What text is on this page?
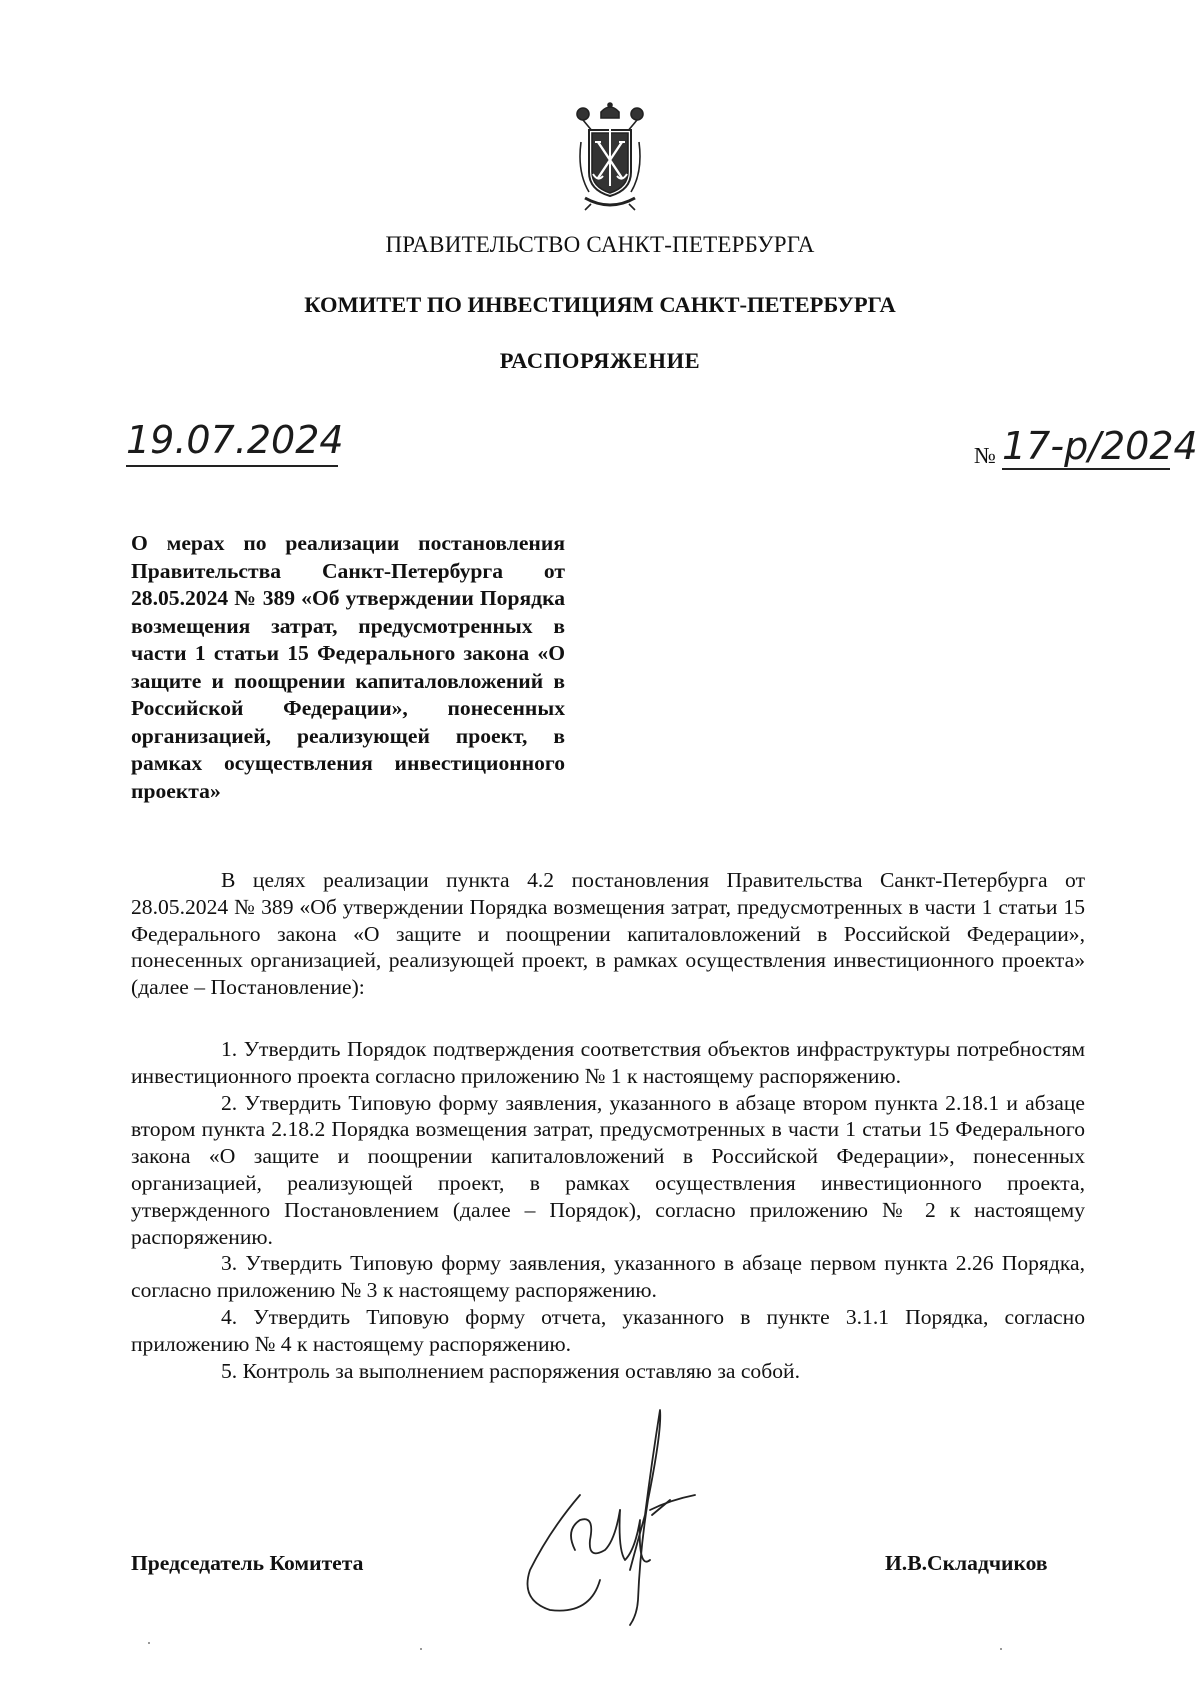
ПРАВИТЕЛЬСТВО САНКТ-ПЕТЕРБУРГА
КОМИТЕТ ПО ИНВЕСТИЦИЯМ САНКТ-ПЕТЕРБУРГА
РАСПОРЯЖЕНИЕ
19.07.2024	№ 17-р/2024
О мерах по реализации постановления Правительства Санкт-Петербурга от 28.05.2024 № 389 «Об утверждении Порядка возмещения затрат, предусмотренных в части 1 статьи 15 Федерального закона «О защите и поощрении капиталовложений в Российской Федерации», понесенных организацией, реализующей проект, в рамках осуществления инвестиционного проекта»

В целях реализации пункта 4.2 постановления Правительства Санкт-Петербурга от 28.05.2024 № 389 «Об утверждении Порядка возмещения затрат, предусмотренных в части 1 статьи 15 Федерального закона «О защите и поощрении капиталовложений в Российской Федерации», понесенных организацией, реализующей проект, в рамках осуществления инвестиционного проекта» (далее – Постановление):

1. Утвердить Порядок подтверждения соответствия объектов инфраструктуры потребностям инвестиционного проекта согласно приложению № 1 к настоящему распоряжению.

2. Утвердить Типовую форму заявления, указанного в абзаце втором пункта 2.18.1 и абзаце втором пункта 2.18.2 Порядка возмещения затрат, предусмотренных в части 1 статьи 15 Федерального закона «О защите и поощрении капиталовложений в Российской Федерации», понесенных организацией, реализующей проект, в рамках осуществления инвестиционного проекта, утвержденного Постановлением (далее – Порядок), согласно приложению № 2 к настоящему распоряжению.

3. Утвердить Типовую форму заявления, указанного в абзаце первом пункта 2.26 Порядка, согласно приложению № 3 к настоящему распоряжению.

4. Утвердить Типовую форму отчета, указанного в пункте 3.1.1 Порядка, согласно приложению № 4 к настоящему распоряжению.

5. Контроль за выполнением распоряжения оставляю за собой.

Председатель Комитета	И.В.Складчиков
